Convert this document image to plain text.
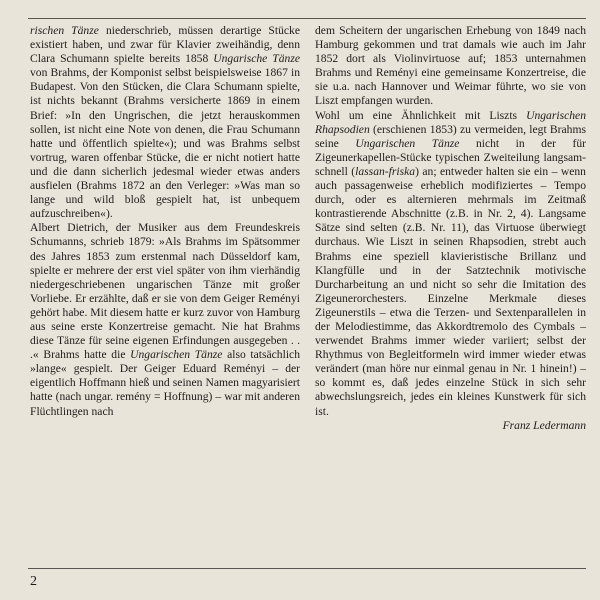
rischen Tänze niederschrieb, müssen derartige Stücke existiert haben, und zwar für Klavier zweihändig, denn Clara Schumann spielte bereits 1858 Ungarische Tänze von Brahms, der Komponist selbst beispielsweise 1867 in Budapest. Von den Stücken, die Clara Schumann spielte, ist nichts bekannt (Brahms versicherte 1869 in einem Brief: »In den Ungrischen, die jetzt herauskommen sollen, ist nicht eine Note von denen, die Frau Schumann hatte und öffentlich spielte«); und was Brahms selbst vortrug, waren offenbar Stücke, die er nicht notiert hatte und die dann sicherlich jedesmal wieder etwas anders ausfielen (Brahms 1872 an den Verleger: »Was man so lange und wild bloß gespielt hat, ist unbequem aufzuschreiben«).

Albert Dietrich, der Musiker aus dem Freundeskreis Schumanns, schrieb 1879: »Als Brahms im Spätsommer des Jahres 1853 zum erstenmal nach Düsseldorf kam, spielte er mehrere der erst viel später von ihm vierhändig niedergeschriebenen ungarischen Tänze mit großer Vorliebe. Er erzählte, daß er sie von dem Geiger Reményi gehört habe. Mit diesem hatte er kurz zuvor von Hamburg aus seine erste Konzertreise gemacht. Nie hat Brahms diese Tänze für seine eigenen Erfindungen ausgegeben . . .« Brahms hatte die Ungarischen Tänze also tatsächlich »lange« gespielt. Der Geiger Eduard Reményi – der eigentlich Hoffmann hieß und seinen Namen magyarisiert hatte (nach ungar. remény = Hoffnung) – war mit anderen Flüchtlingen nach

dem Scheitern der ungarischen Erhebung von 1849 nach Hamburg gekommen und trat damals wie auch im Jahr 1852 dort als Violinvirtuose auf; 1853 unternahmen Brahms und Reményi eine gemeinsame Konzertreise, die sie u.a. nach Hannover und Weimar führte, wo sie von Liszt empfangen wurden.

Wohl um eine Ähnlichkeit mit Liszts Ungarischen Rhapsodien (erschienen 1853) zu vermeiden, legt Brahms seine Ungarischen Tänze nicht in der für Zigeunerkapellen-Stücke typischen Zweiteilung langsam-schnell (lassan-friska) an; entweder halten sie ein – wenn auch passagenweise erheblich modifiziertes – Tempo durch, oder es alternieren mehrmals im Zeitmaß kontrastierende Abschnitte (z.B. in Nr. 2, 4). Langsame Sätze sind selten (z.B. Nr. 11), das Virtuose überwiegt durchaus. Wie Liszt in seinen Rhapsodien, strebt auch Brahms eine speziell klavieristische Brillanz und Klangfülle und in der Satztechnik motivische Durcharbeitung an und nicht so sehr die Imitation des Zigeunerorchesters. Einzelne Merkmale dieses Zigeunerstils – etwa die Terzen- und Sextenparallelen in der Melodiestimme, das Akkordtremolo des Cymbals – verwendet Brahms immer wieder variiert; selbst der Rhythmus von Begleitformeln wird immer wieder etwas verändert (man höre nur einmal genau in Nr. 1 hinein!) – so kommt es, daß jedes einzelne Stück in sich sehr abwechslungsreich, jedes ein kleines Kunstwerk für sich ist.

Franz Ledermann

2
